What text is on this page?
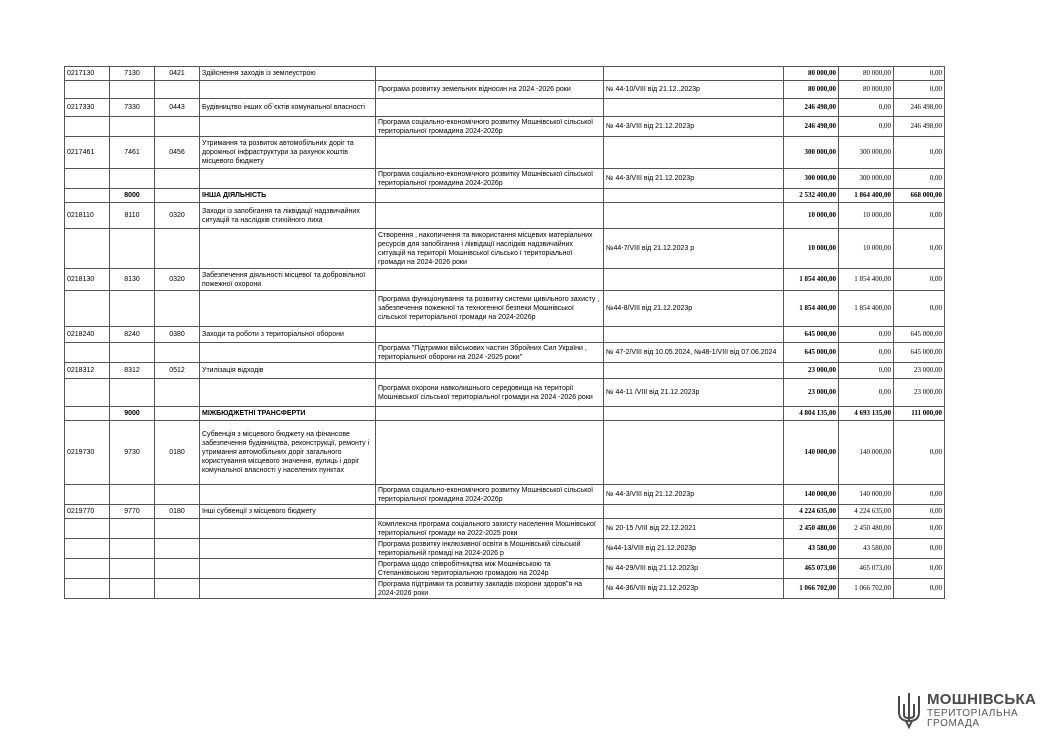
0217130	7130	0421	Здійснення заходів із землеустрою			80 000,00	80 000,00	0,00
				Програма розвитку земельних відносин на 2024 -2026 роки	№ 44-10/VIII від 21.12..2023р	80 000,00	80 000,00	0,00
0217330	7330	0443	Будівництво інших об`єктів комунальної власності			246 498,00	0,00	246 498,00
				Програма соціально-економічного розвитку Мошнівської сільської територіальної громадина 2024-2026р	№ 44-3/VIII від 21.12.2023р	246 498,00	0,00	246 498,00
0217461	7461	0456	Утримання та розвиток автомобільних доріг та дорожньої інфраструктури за рахунок коштів місцевого бюджету			300 000,00	300 000,00	0,00
				Програма соціально-економічного розвитку Мошнівської сільської територіальної громадина 2024-2026р	№ 44-3/VIII від 21.12.2023р	300 000,00	300 000,00	0,00
	8000		ІНША ДІЯЛЬНІСТЬ			2 532 400,00	1 864 400,00	668 000,00
0218110	8110	0320	Заходи із запобігання та ліквідації надзвичайних ситуацій та наслідків стихійного лиха			10 000,00	10 000,00	0,00
				Створення , накопичення та використання місцевих матеріальних ресурсів для запобігання і ліквідації наслідків надзвичайних ситуацій на території Мошнівської сільсько ї територіальної громади на 2024-2026 роки	№44-7/VIII від 21.12.2023 р	10 000,00	10 000,00	0,00
0218130	8130	0320	Забезпечення діяльності місцевої та добровільної пожежної охорони			1 854 400,00	1 854 400,00	0,00
				Програма функціонування та розвитку системи цивільного захисту , забезпечення пожежної та техногенної безпеки Мошнівської сільської територіальної громади на 2024-2026р	№44-8/VIII від 21.12.2023р	1 854 400,00	1 854 400,00	0,00
0218240	8240	0380	Заходи та роботи з територіальної оборони			645 000,00	0,00	645 000,00
				Програма "Підтримки військових частин Збройних Сил України , територіальної оборони на 2024 -2025 роки"	№ 47-2/VIII від 10.05.2024, №48-1/VIII від 07.06.2024	645 000,00	0,00	645 000,00
0218312	8312	0512	Утилізація відходів			23 000,00	0,00	23 000,00
				Програма охорони навколишнього середовища на території Мошнівської сільської територіальної громади на 2024 -2026 роки	№ 44-11 /VIII від 21.12.2023р	23 000,00	0,00	23 000,00
	9000		МІЖБЮДЖЕТНІ ТРАНСФЕРТИ			4 804 135,00	4 693 135,00	111 000,00
0219730	9730	0180	Субвенція з місцевого бюджету на фінансове забезпечення будівництва, реконструкції, ремонту і утримання автомобільних доріг загального користування місцевого значення, вулиць і доріг комунальної власності у населених пунктах			140 000,00	140 000,00	0,00
				Програма соціально-економічного розвитку Мошнівської сільської територіальної громадина 2024-2026р	№ 44-3/VIII від 21.12.2023р	140 000,00	140 000,00	0,00
0219770	9770	0180	Інші субвенції з місцевого бюджету			4 224 635,00	4 224 635,00	0,00
				Комплексна програма соціального захисту населення Мошнівської територіальної громади на 2022-2025 роки	№ 20-15 /VIII від 22.12.2021	2 450 480,00	2 450 480,00	0,00
				Програма розвитку інклюзивної освіти в Мошнівській сільській територіальній громаді на 2024-2026 р	№44-13/VIII від 21.12.2023р	43 580,00	43 580,00	0,00
				Програма щодо співробітництва між Мошнівською та Степанківською територіальною громадою на 2024р	№ 44-29/VIII від 21.12.2023р	465 073,00	465 073,00	0,00
				Програма підтримки та розвитку закладів охорони здоров"я на 2024-2026 роки	№ 44-36/VIII від 21.12.2023р	1 066 702,00	1 066 702,00	0,00
МОШНІВСЬКА
ТЕРИТОРІАЛЬНА
ГРОМАДА
